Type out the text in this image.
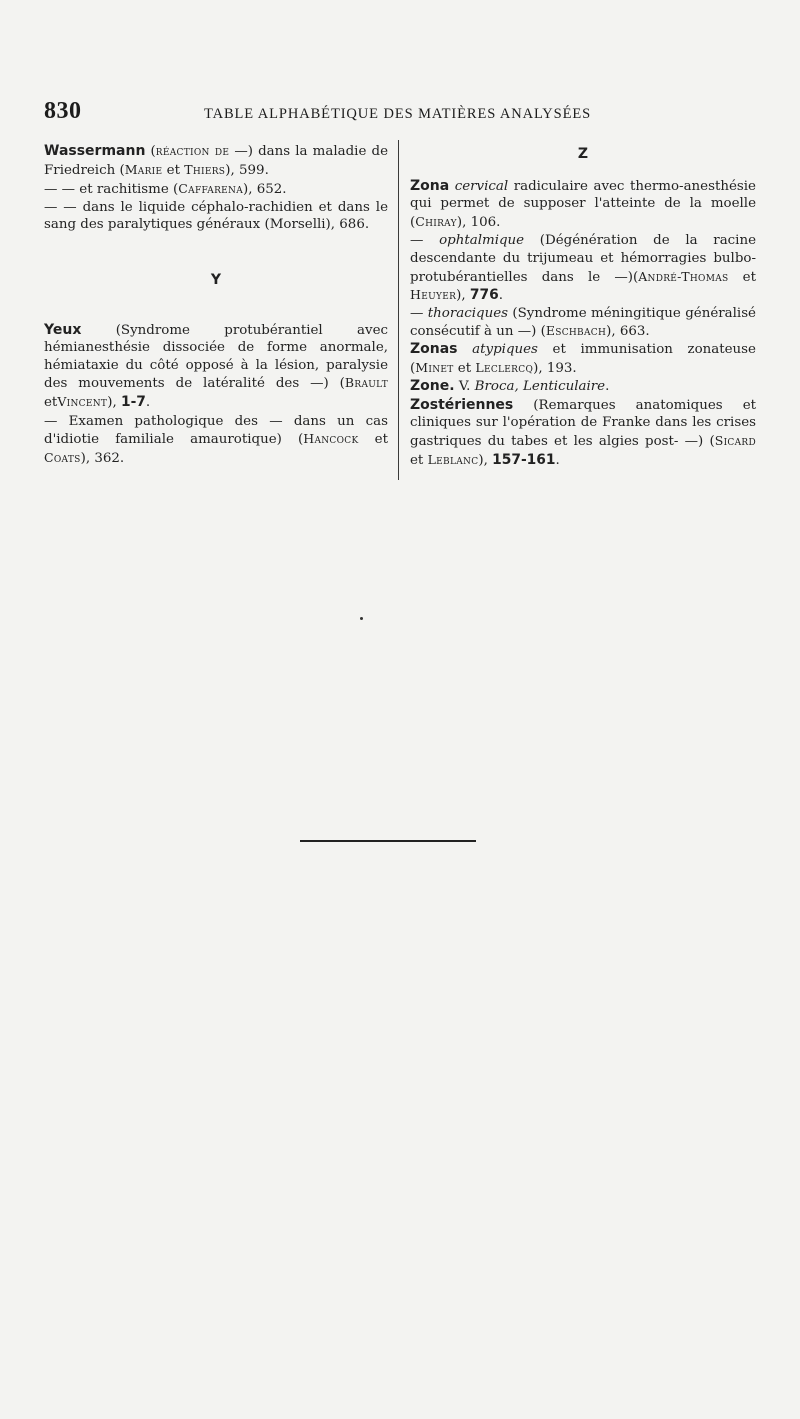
830	TABLE ALPHABÉTIQUE DES MATIÈRES ANALYSÉES

Wassermann (réaction de —) dans la maladie de Friedreich (Marie et Thiers), 599.

— — et rachitisme (Caffarena), 652.

— — dans le liquide céphalo-rachidien et dans le sang des paralytiques généraux (Morselli), 686.

Y

Yeux (Syndrome protubérantiel avec hémianesthésie dissociée de forme anormale, hémiataxie du côté opposé à la lésion, paralysie des mouvements de latéralité des —) (Brault etVincent), 1-7.

— Examen pathologique des — dans un cas d'idiotie familiale amaurotique) (Hancock et Coats), 362.

Z

Zona cervical radiculaire avec thermo-anesthésie qui permet de supposer l'atteinte de la moelle (Chiray), 106.

— ophtalmique (Dégénération de la racine descendante du trijumeau et hémorragies bulbo-protubérantielles dans le —)(André-Thomas et Heuyer), 776.

— thoraciques (Syndrome méningitique généralisé consécutif à un —) (Eschbach), 663.

Zonas atypiques et immunisation zonateuse (Minet et Leclercq), 193.

Zone. V. Broca, Lenticulaire.

Zostériennes (Remarques anatomiques et cliniques sur l'opération de Franke dans les crises gastriques du tabes et les algies post- —) (Sicard et Leblanc), 157-161.
